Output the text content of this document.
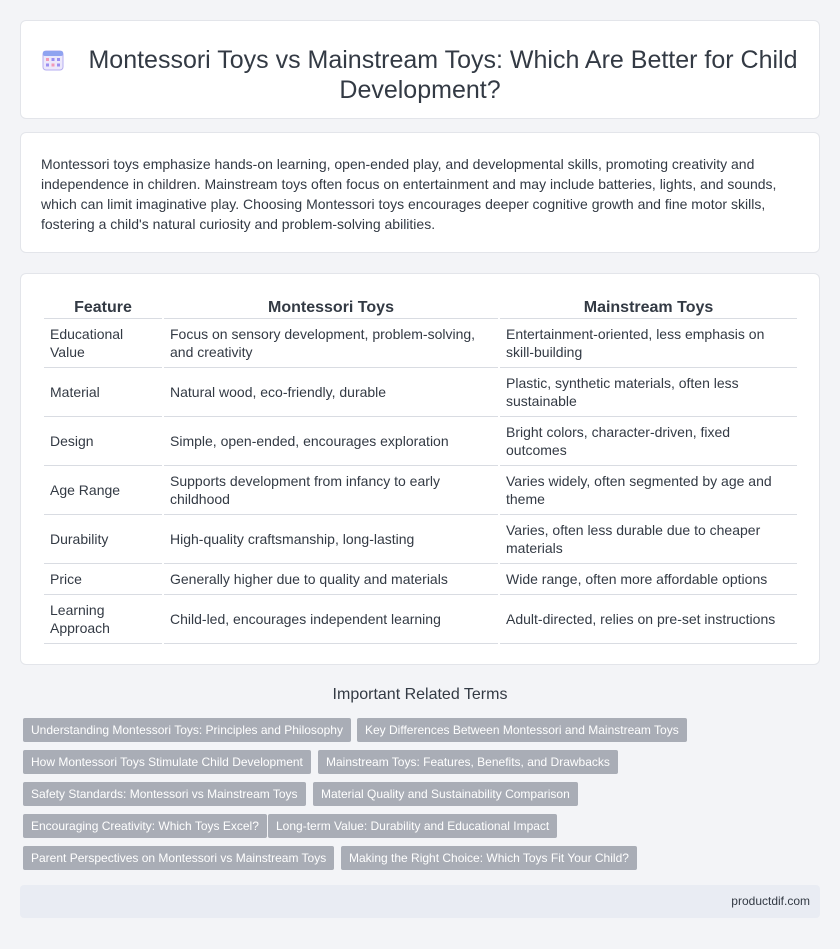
Montessori Toys vs Mainstream Toys: Which Are Better for Child Development?

Montessori toys emphasize hands-on learning, open-ended play, and developmental skills, promoting creativity and independence in children. Mainstream toys often focus on entertainment and may include batteries, lights, and sounds, which can limit imaginative play. Choosing Montessori toys encourages deeper cognitive growth and fine motor skills, fostering a child's natural curiosity and problem-solving abilities.

Feature	Montessori Toys	Mainstream Toys
Educational Value	Focus on sensory development, problem-solving, and creativity	Entertainment-oriented, less emphasis on skill-building
Material	Natural wood, eco-friendly, durable	Plastic, synthetic materials, often less sustainable
Design	Simple, open-ended, encourages exploration	Bright colors, character-driven, fixed outcomes
Age Range	Supports development from infancy to early childhood	Varies widely, often segmented by age and theme
Durability	High-quality craftsmanship, long-lasting	Varies, often less durable due to cheaper materials
Price	Generally higher due to quality and materials	Wide range, often more affordable options
Learning Approach	Child-led, encourages independent learning	Adult-directed, relies on pre-set instructions
Important Related Terms
Understanding Montessori Toys: Principles and Philosophy	Key Differences Between Montessori and Mainstream Toys
How Montessori Toys Stimulate Child Development	Mainstream Toys: Features, Benefits, and Drawbacks
Safety Standards: Montessori vs Mainstream Toys	Material Quality and Sustainability Comparison
Encouraging Creativity: Which Toys Excel?	Long-term Value: Durability and Educational Impact
Parent Perspectives on Montessori vs Mainstream Toys	Making the Right Choice: Which Toys Fit Your Child?
productdif.com
